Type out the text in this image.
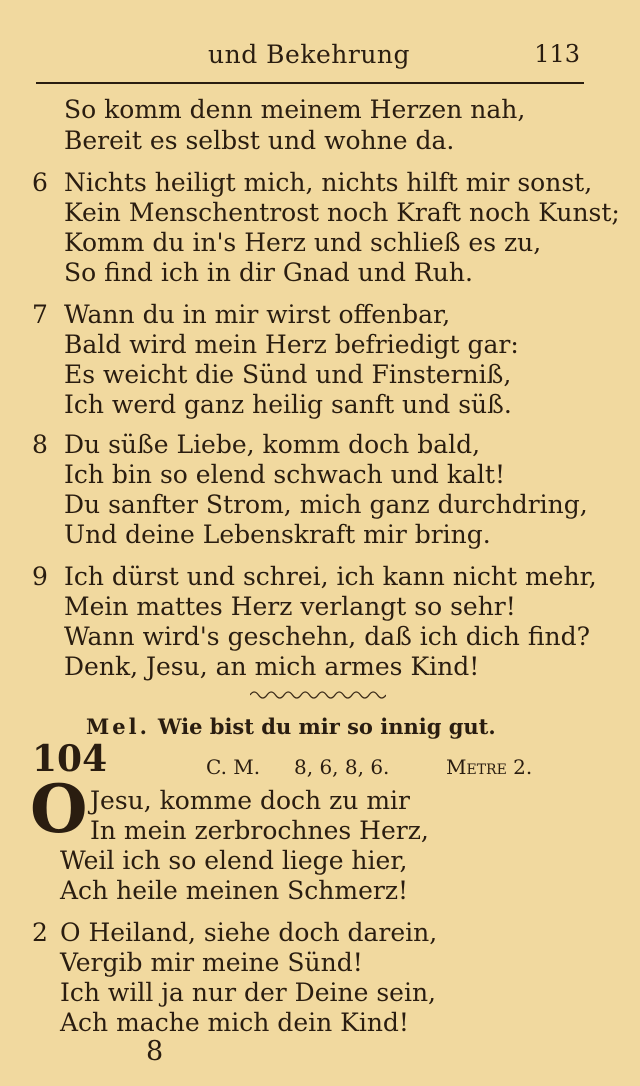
und Bekehrung	113
So komm denn meinem Herzen nah,
Bereit es selbst und wohne da.
6 Nichts heiligt mich, nichts hilft mir sonst,
Kein Menschentrost noch Kraft noch Kunst;
Komm du in's Herz und schließ es zu,
So find ich in dir Gnad und Ruh.
7 Wann du in mir wirst offenbar,
Bald wird mein Herz befriedigt gar:
Es weicht die Sünd und Finsterniß,
Ich werd ganz heilig sanft und süß.
8 Du süße Liebe, komm doch bald,
Ich bin so elend schwach und kalt!
Du sanfter Strom, mich ganz durchdring,
Und deine Lebenskraft mir bring.
9 Ich dürst und schrei, ich kann nicht mehr,
Mein mattes Herz verlangt so sehr!
Wann wird's geschehn, daß ich dich find?
Denk, Jesu, an mich armes Kind!
Mel. Wie bist du mir so innig gut.
104	C. M. 8, 6, 8, 6.	Metre 2.
O Jesu, komme doch zu mir
In mein zerbrochnes Herz,
Weil ich so elend liege hier,
Ach heile meinen Schmerz!
2 O Heiland, siehe doch darein,
Vergib mir meine Sünd!
Ich will ja nur der Deine sein,
Ach mache mich dein Kind!
8
